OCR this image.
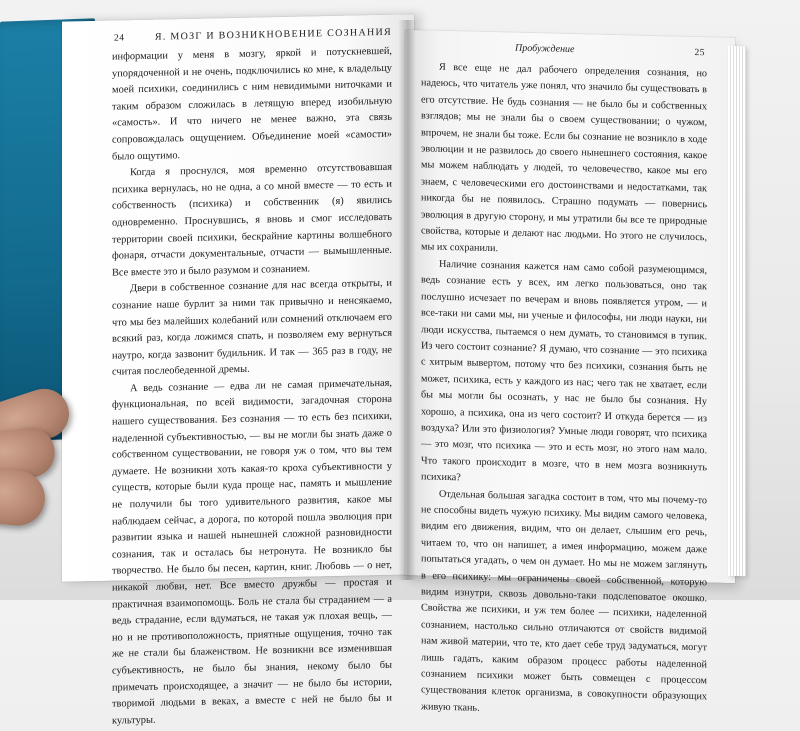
24	Я. МОЗГ И ВОЗНИКНОВЕНИЕ СОЗНАНИЯ

информации у меня в мозгу, яркой и потускневшей, упорядоченной и не очень, подключились ко мне, к владельцу моей психики, соединились с ним невидимыми ниточками и таким образом сложилась в летящую вперед изобильную «самость». И что ничего не менее важно, эта связь сопровождалась ощущением. Объединение моей «самости» было ощутимо.

Когда я проснулся, моя временно отсутствовавшая психика вернулась, но не одна, а со мной вместе — то есть и собственность (психика) и собственник (я) явились одновременно. Проснувшись, я вновь и смог исследовать территории своей психики, бескрайние картины волшебного фонаря, отчасти документальные, отчасти — вымышленные. Все вместе это и было разумом и сознанием.

Двери в собственное сознание для нас всегда открыты, и сознание наше бурлит за ними так привычно и ненсякаемо, что мы без малейших колебаний или сомнений отключаем его всякий раз, когда ложимся спать, и позволяем ему вернуться наутро, когда зазвонит будильник. И так — 365 раз в году, не считая послеобеденной дремы.

А ведь сознание — едва ли не самая примечательная, функциональная, по всей видимости, загадочная сторона нашего существования. Без сознания — то есть без психики, наделенной субъективностью, — вы не могли бы знать даже о собственном существовании, не говоря уж о том, что вы тем думаете. Не возникни хоть какая-то кроха субъективности у существ, которые были куда проще нас, память и мышление не получили бы того удивительного развития, какое мы наблюдаем сейчас, а дорога, по которой пошла эволюция при развитии языка и нашей нынешней сложной разновидности сознания, так и осталась бы нетронута. Не возникло бы творчество. Не было бы песен, картин, книг. Любовь — о нет, никакой любви, нет. Все вместо дружбы — простая и практичная взаимопомощь. Боль не стала бы страданием — а ведь страдание, если вдуматься, не такая уж плохая вещь, — но и не противоположность, приятные ощущения, точно так же не стали бы блаженством. Не возникни все изменившая субъективность, не было бы знания, некому было бы примечать происходящее, а значит — не было бы истории, творимой людьми в веках, а вместе с ней не было бы и культуры.

Пробуждение	25

Я все еще не дал рабочего определения сознания, но надеюсь, что читатель уже понял, что значило бы существовать в его отсутствие. Не будь сознания — не было бы и собственных взглядов; мы не знали бы о своем существовании; о чужом, впрочем, не знали бы тоже. Если бы сознание не возникло в ходе эволюции и не развилось до своего нынешнего состояния, какое мы можем наблюдать у людей, то человечество, какое мы его знаем, с человеческими его достоинствами и недостатками, так никогда бы не появилось. Страшно подумать — повернись эволюция в другую сторону, и мы утратили бы все те природные свойства, которые и делают нас людьми. Но этого не случилось, мы их сохранили.

Наличие сознания кажется нам само собой разумеющимся, ведь сознание есть у всех, им легко пользоваться, оно так послушно исчезает по вечерам и вновь появляется утром, — и все-таки ни сами мы, ни ученые и философы, ни люди науки, ни люди искусства, пытаемся о нем думать, то становимся в тупик. Из чего состоит сознание? Я думаю, что сознание — это психика с хитрым вывертом, потому что без психики, сознания быть не может, психика, есть у каждого из нас; чего так не хватает, если бы мы могли бы осознать, у нас не было бы сознания. Ну хорошо, а психика, она из чего состоит? И откуда берется — из воздуха? Или это физиология? Умные люди говорят, что психика — это мозг, что психика — это и есть мозг, но этого нам мало. Что такого происходит в мозге, что в нем мозга возникнуть психика?

Отдельная большая загадка состоит в том, что мы почему-то не способны видеть чужую психику. Мы видим самого человека, видим его движения, видим, что он делает, слышим его речь, читаем то, что он напишет, а имея информацию, можем даже попытаться угадать, о чем он думает. Но мы не можем заглянуть в его психику: мы ограничены своей собственной, которую видим изнутри, сквозь довольно-таки подслеповатое окошко. Свойства же психики, и уж тем более — психики, наделенной сознанием, настолько сильно отличаются от свойств видимой нам живой материи, что те, кто дает себе труд задуматься, могут лишь гадать, каким образом процесс работы наделенной сознанием психики может быть совмещен с процессом существования клеток организма, в совокупности образующих живую ткань.
